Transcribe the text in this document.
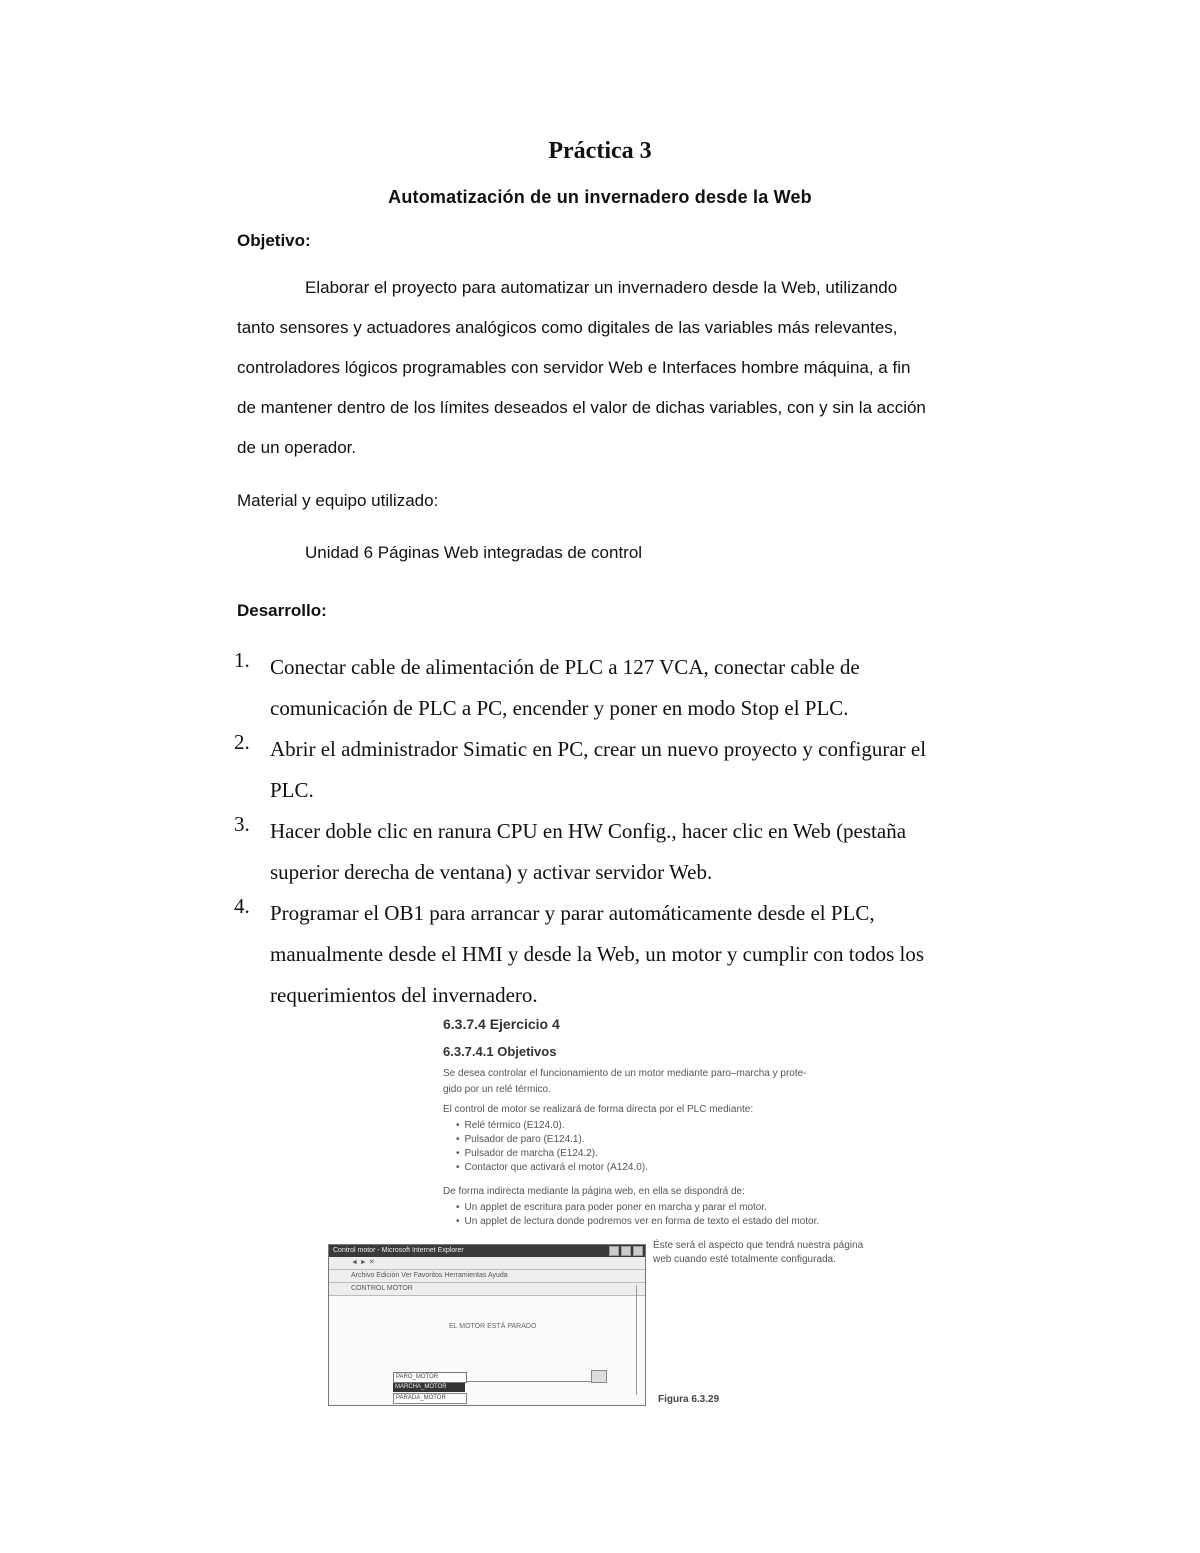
Práctica 3
Automatización de un invernadero desde la Web
Objetivo:
Elaborar el proyecto para automatizar un invernadero desde la Web, utilizando
tanto sensores y actuadores analógicos como digitales de las variables más relevantes,
controladores lógicos programables con servidor Web e Interfaces hombre máquina, a fin
de mantener dentro de los límites deseados el valor de dichas variables, con y sin la acción
de un operador.
Material y equipo utilizado:
Unidad 6 Páginas Web integradas de control
Desarrollo:
1. Conectar cable de alimentación de PLC a 127 VCA, conectar cable de
comunicación de PLC a PC, encender y poner en modo Stop el PLC.
2. Abrir el administrador Simatic en PC, crear un nuevo proyecto y configurar el
PLC.
3. Hacer doble clic en ranura CPU en HW Config., hacer clic en Web (pestaña
superior derecha de ventana) y activar servidor Web.
4. Programar el OB1 para arrancar y parar automáticamente desde el PLC,
manualmente desde el HMI y desde la Web, un motor y cumplir con todos los
requerimientos del invernadero.
6.3.7.4 Ejercicio 4
6.3.7.4.1 Objetivos
Se desea controlar el funcionamiento de un motor mediante paro–marcha y prote-
gido por un relé térmico.
El control de motor se realizará de forma directa por el PLC mediante:
• Relé térmico (E124.0).
• Pulsador de paro (E124.1).
• Pulsador de marcha (E124.2).
• Contactor que activará el motor (A124.0).
De forma indirecta mediante la página web, en ella se dispondrá de:
• Un applet de escritura para poder poner en marcha y parar el motor.
• Un applet de lectura donde podremos ver en forma de texto el estado del motor.
Éste será el aspecto que tendrá nuestra página
web cuando esté totalmente configurada.
Control motor - Microsoft Internet Explorer
◄ ► ✕
Archivo Edición Ver Favoritos Herramientas Ayuda
CONTROL MOTOR
EL MOTOR ESTÁ PARADO
PARO_MOTOR
MARCHA_MOTOR
PARADA_MOTOR	Figura 6.3.29
